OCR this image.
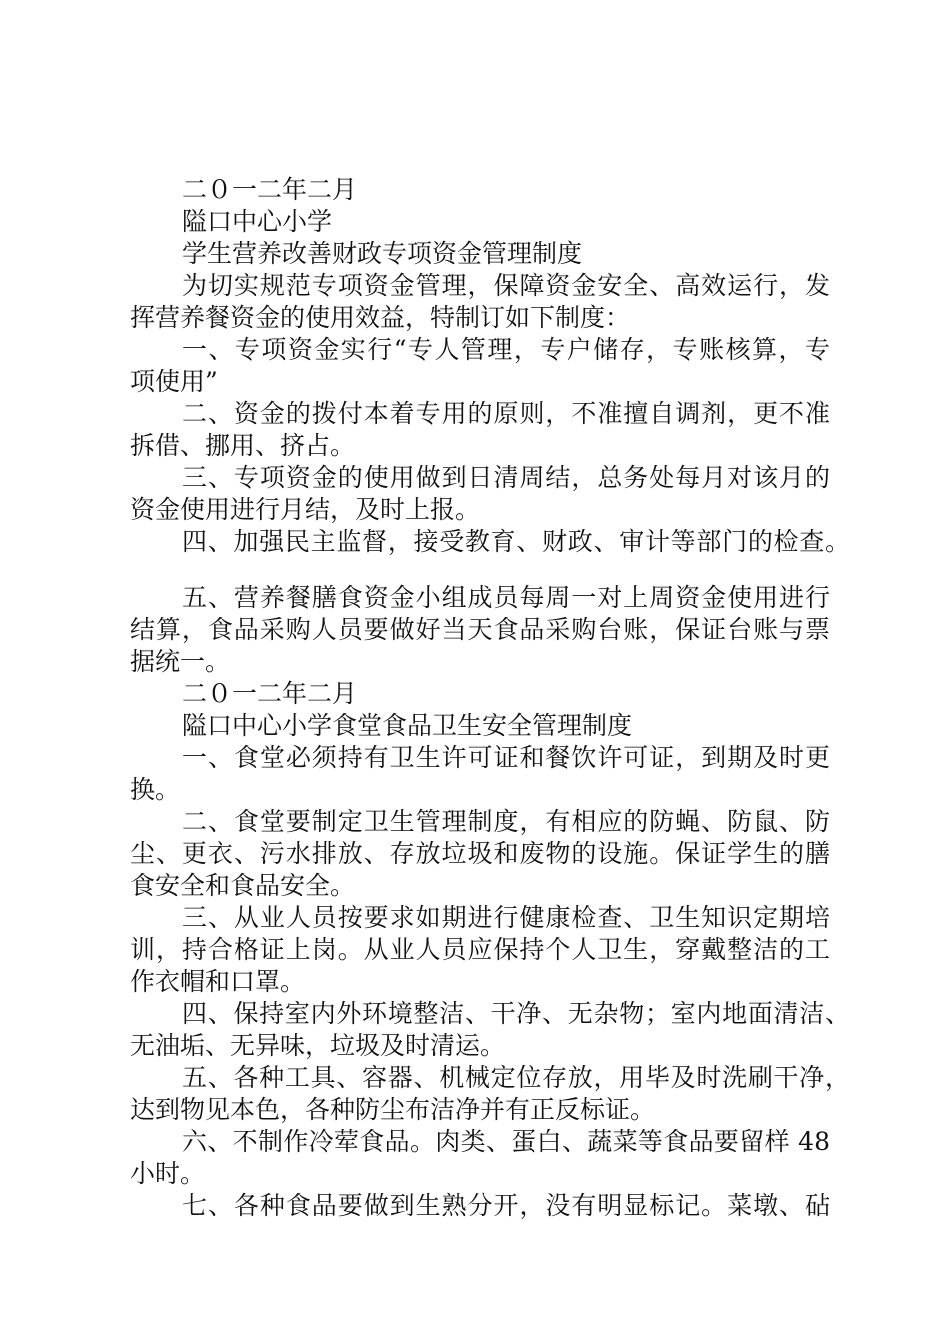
二０一二年二月
隘口中心小学
学生营养改善财政专项资金管理制度
为切实规范专项资金管理，保障资金安全、高效运行，发
挥营养餐资金的使用效益，特制订如下制度：
一、专项资金实行“专人管理，专户储存，专账核算，专
项使用”
二、资金的拨付本着专用的原则，不准擅自调剂，更不准
拆借、挪用、挤占。
三、专项资金的使用做到日清周结，总务处每月对该月的
资金使用进行月结，及时上报。
四、加强民主监督，接受教育、财政、审计等部门的检查。
五、营养餐膳食资金小组成员每周一对上周资金使用进行
结算，食品采购人员要做好当天食品采购台账，保证台账与票
据统一。
二０一二年二月
隘口中心小学食堂食品卫生安全管理制度
一、食堂必须持有卫生许可证和餐饮许可证，到期及时更
换。
二、食堂要制定卫生管理制度，有相应的防蝇、防鼠、防
尘、更衣、污水排放、存放垃圾和废物的设施。保证学生的膳
食安全和食品安全。
三、从业人员按要求如期进行健康检查、卫生知识定期培
训，持合格证上岗。从业人员应保持个人卫生，穿戴整洁的工
作衣帽和口罩。
四、保持室内外环境整洁、干净、无杂物；室内地面清洁、
无油垢、无异味，垃圾及时清运。
五、各种工具、容器、机械定位存放，用毕及时洗刷干净，
达到物见本色，各种防尘布洁净并有正反标证。
六、不制作冷荤食品。肉类、蛋白、蔬菜等食品要留样 48
小时。
七、各种食品要做到生熟分开，没有明显标记。菜墩、砧
